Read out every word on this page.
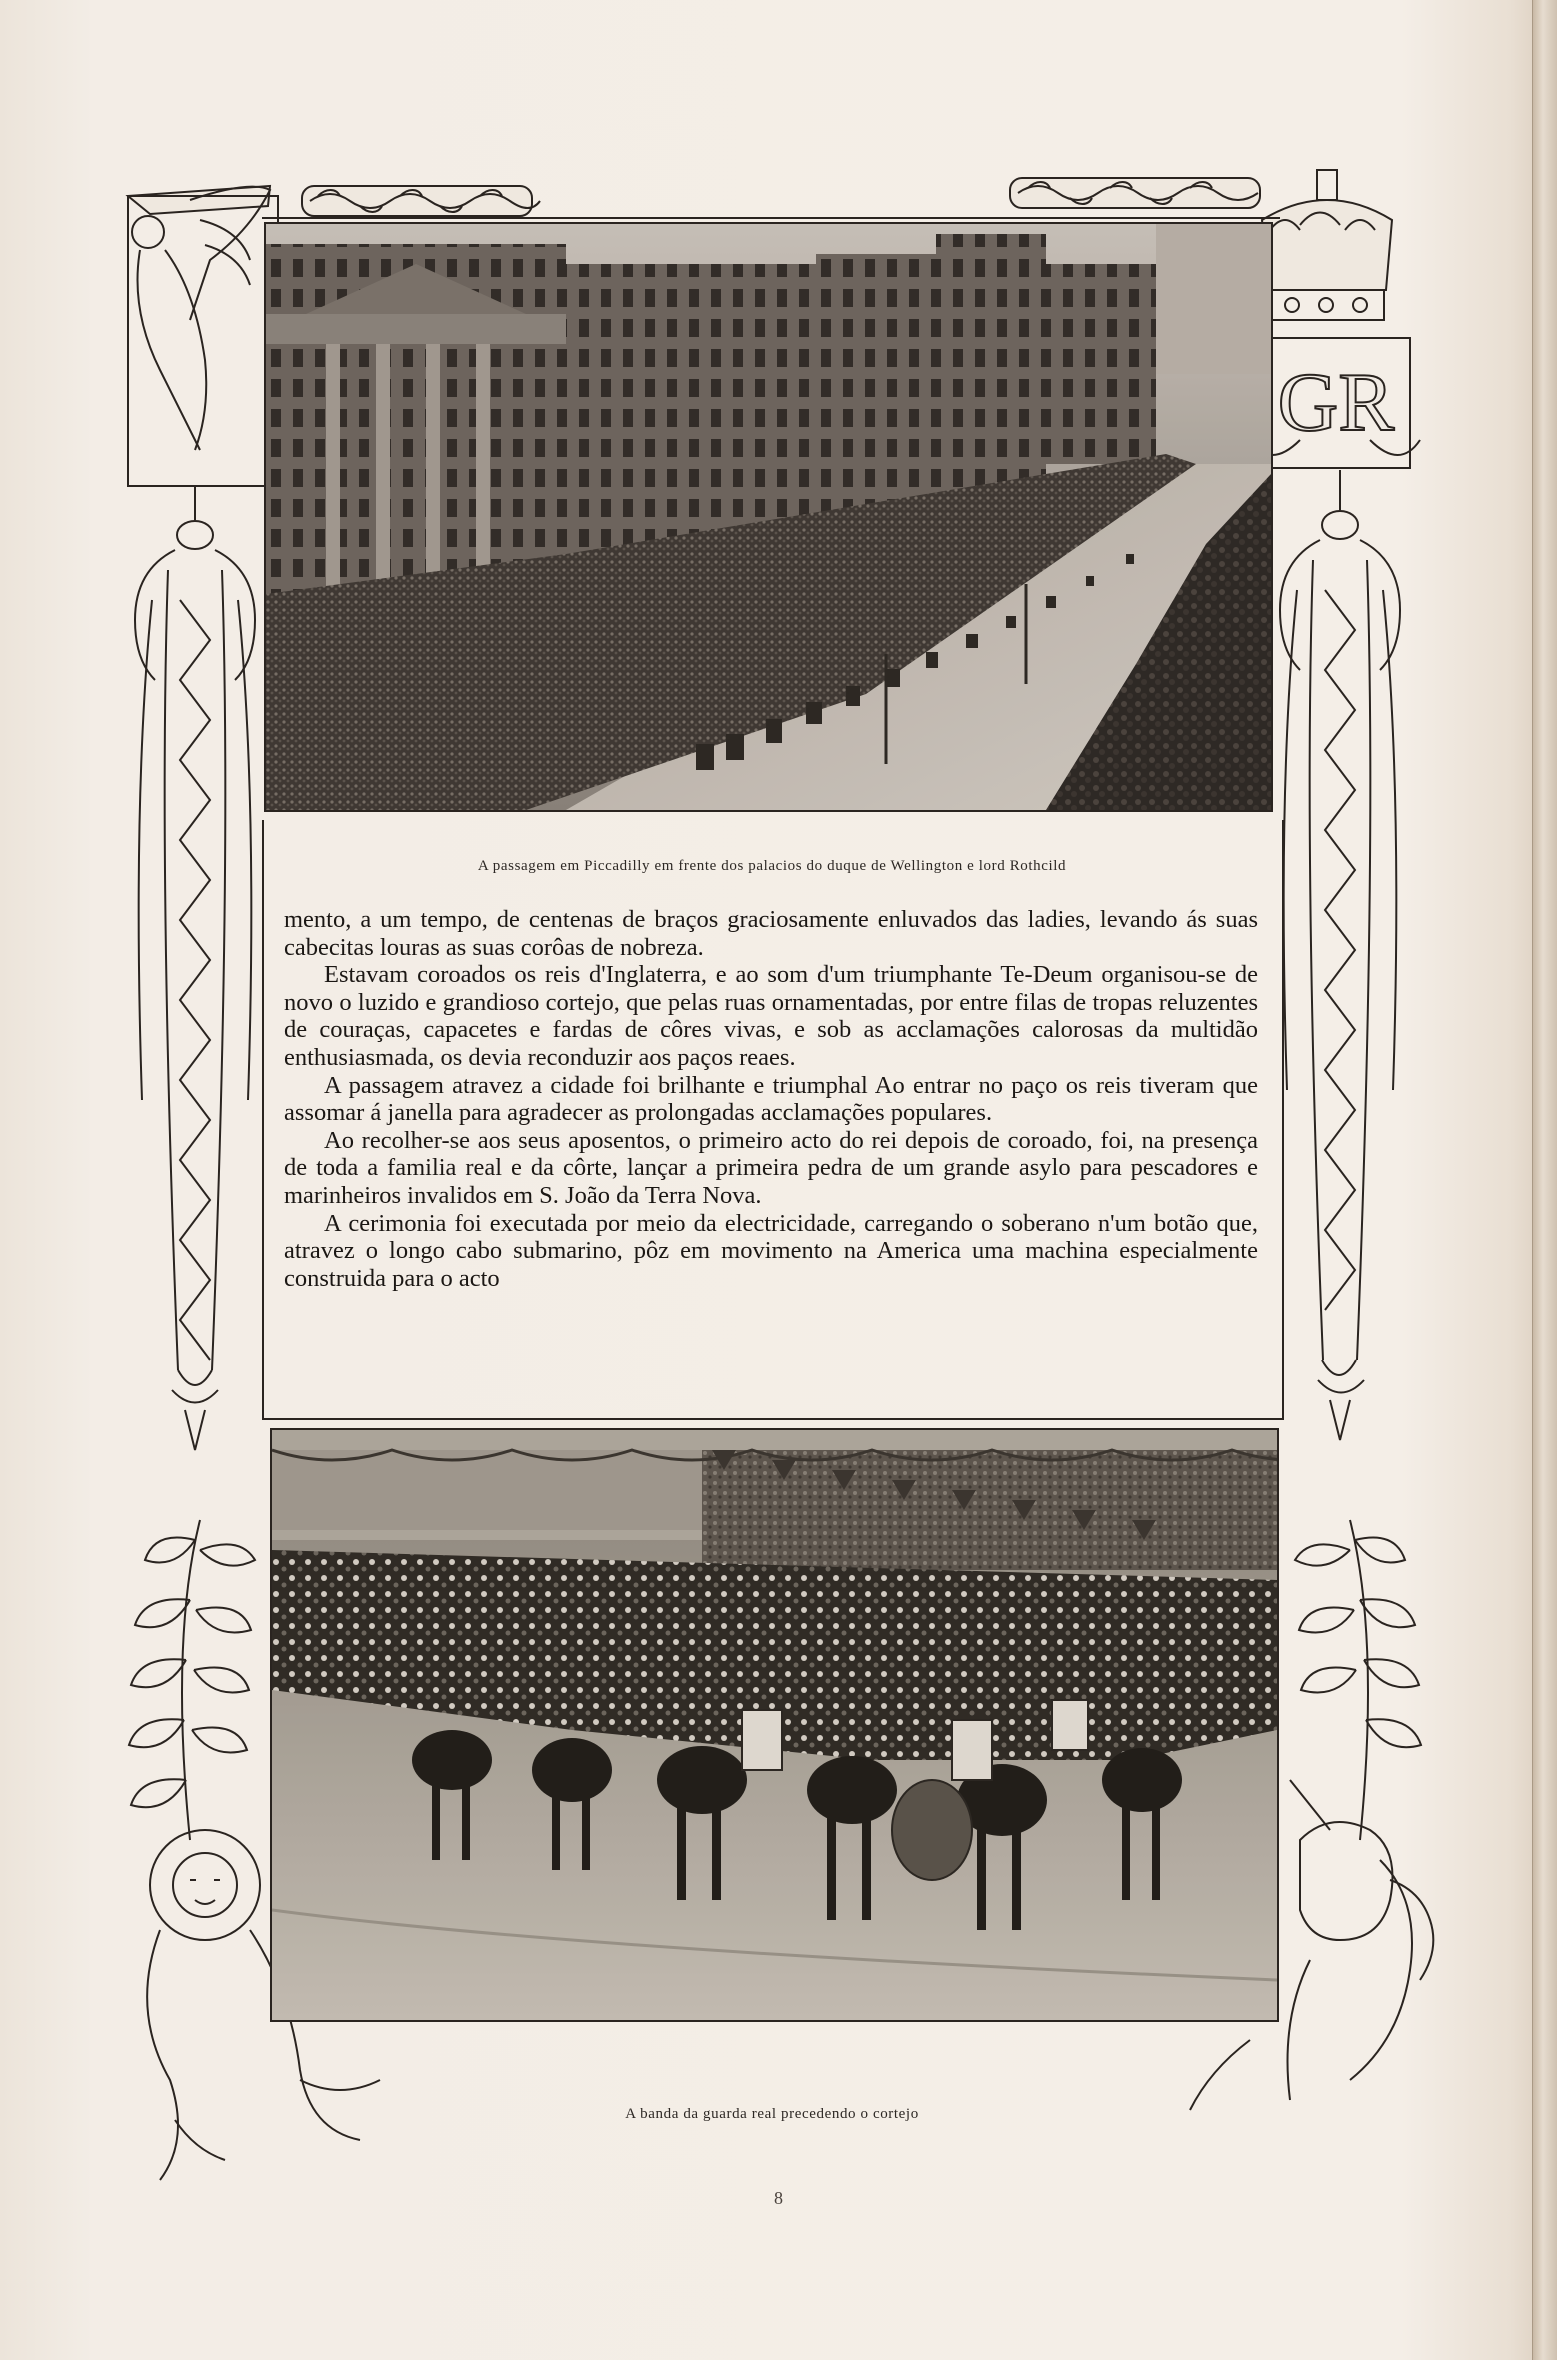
GR
A passagem em Piccadilly em frente dos palacios do duque de Wellington e lord Rothcild

mento, a um tempo, de centenas de braços graciosamente enluvados das ladies, levando ás suas cabecitas louras as suas corôas de nobreza.

Estavam coroados os reis d'Inglaterra, e ao som d'um triumphante Te-Deum organisou-se de novo o luzido e grandioso cortejo, que pelas ruas ornamentadas, por entre filas de tropas reluzentes de couraças, capacetes e fardas de côres vivas, e sob as acclamações calorosas da multidão enthusiasmada, os devia reconduzir aos paços reaes.

A passagem atravez a cidade foi brilhante e triumphal Ao entrar no paço os reis tiveram que assomar á janella para agradecer as prolongadas acclamações populares.

Ao recolher-se aos seus aposentos, o primeiro acto do rei depois de coroado, foi, na presença de toda a familia real e da côrte, lançar a primeira pedra de um grande asylo para pescadores e marinheiros invalidos em S. João da Terra Nova.

A cerimonia foi executada por meio da electricidade, carregando o soberano n'um botão que, atravez o longo cabo submarino, pôz em movimento na America uma machina especialmente construida para o acto

A banda da guarda real precedendo o cortejo
8
